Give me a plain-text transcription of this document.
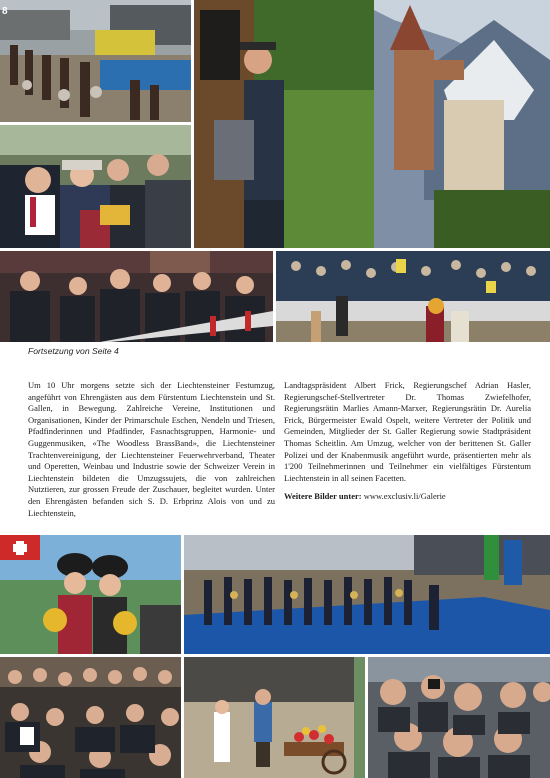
8
Fortsetzung von Seite 4
Um 10 Uhr morgens setzte sich der Liechtensteiner Festumzug, angeführt von Ehrengästen aus dem Fürstentum Liechtenstein und St. Gallen, in Bewegung. Zahlreiche Vereine, Institutionen und Organisationen, Kinder der Primarschule Eschen, Nendeln und Triesen, Pfadfinderinnen und Pfadfinder, Fasnachtsgruppen, Harmonie- und Guggenmusiken, «The Woodless BrassBand», die Liechtensteiner Trachtenvereinigung, der Liechtensteiner Feuerwehrverband, Theater und Operetten, Weinbau und Industrie sowie der Schweizer Verein in Liechtenstein bildeten die Umzugssujets, die von zahlreichen Nutztieren, zur grossen Freude der Zuschauer, begleitet wurden. Unter den Ehrengästen befanden sich S. D. Erbprinz Alois von und zu Liechtenstein,
Landtagspräsident Albert Frick, Regierungschef Adrian Hasler, Regierungschef-Stellvertreter Dr. Thomas Zwiefelhofer, Regierungsrätin Marlies Amann-Marxer, Regierungsrätin Dr. Aurelia Frick, Bürgermeister Ewald Ospelt, weitere Vertreter der Politik und Gemeinden, Mitglieder der St. Galler Regierung sowie Stadtpräsident Thomas Scheitlin. Am Umzug, welcher von der berittenen St. Galler Polizei und der Knabenmusik angeführt wurde, präsentierten mehr als 1'200 Teilnehmerinnen und Teilnehmer ein vielfältiges Fürstentum Liechtenstein in all seinen Facetten.
Weitere Bilder unter: www.exclusiv.li/Galerie
